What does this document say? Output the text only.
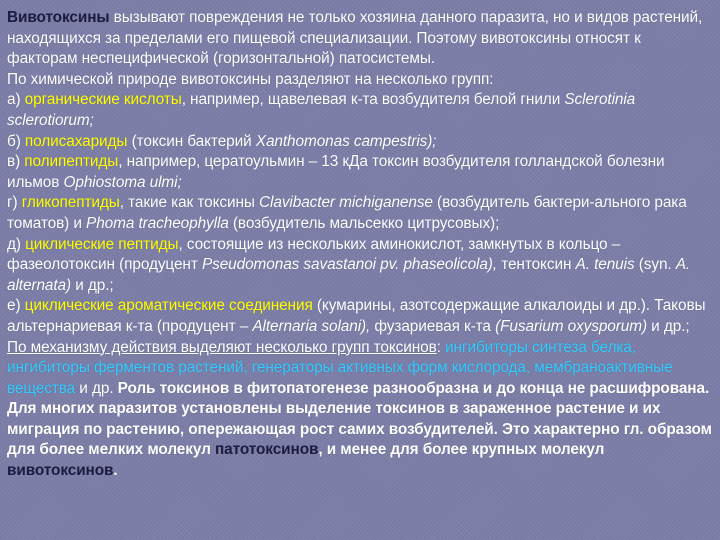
Вивотоксины вызывают повреждения не только хозяина данного паразита, но и видов растений, находящихся за пределами его пищевой специализации. Поэтому вивотоксины относят к факторам неспецифической (горизонтальной) патосистемы.

По химической природе вивотоксины разделяют на несколько групп:

а) органические кислоты, например, щавелевая к-та возбудителя белой гнили Sclerotinia sclerotiorum;

б) полисахариды (токсин бактерий Xanthomonas campestris);

в) полипептиды, например, цератоульмин – 13 кДа токсин возбудителя голландской болезни ильмов Ophiostoma ulmi;

г) гликопептиды, такие как токсины Clavibacter michiganense (возбудитель бактери-ального рака томатов) и Phoma tracheophylla (возбудитель мальсекко цитрусовых);

д) циклические пептиды, состоящие из нескольких аминокислот, замкнутых в кольцо – фазеолотоксин (продуцент Pseudomonas savastanoi pv. phaseolicola), тентоксин A. tenuis (syn. A. alternata) и др.;

е) циклические ароматические соединения (кумарины, азотсодержащие алкалоиды и др.). Таковы альтернариевая к-та (продуцент – Alternaria solani), фузариевая к-та (Fusarium oxysporum) и др.;

По механизму действия выделяют несколько групп токсинов: ингибиторы синтеза белка, ингибиторы ферментов растений, генераторы активных форм кислорода, мембраноактивные вещества и др. Роль токсинов в фитопатогенезе разнообразна и до конца не расшифрована. Для многих паразитов установлены выделение токсинов в зараженное растение и их миграция по растению, опережающая рост самих возбудителей. Это характерно гл. образом для более мелких молекул патотоксинов, и менее для более крупных молекул вивотоксинов.
